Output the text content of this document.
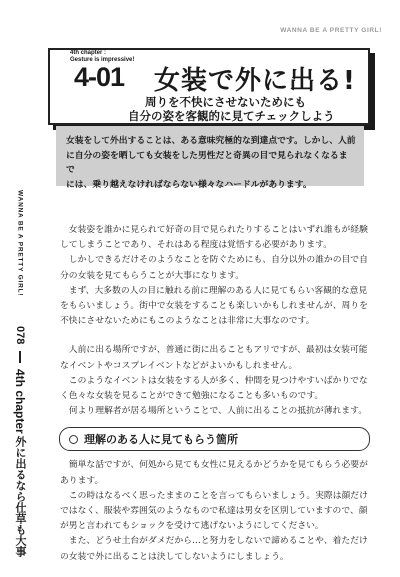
WANNA BE A PRETTY GIRL!
4th chapter :
Gesture is impressive!
4-01 女装で外に出る!
周りを不快にさせないためにも
自分の姿を客観的に見てチェックしよう
女装をして外出することは、ある意味究極的な到達点です。しかし、人前
に自分の姿を晒しても女装をした男性だと奇異の目で見られなくなるまで
には、乗り越えなければならない様々なハードルがあります。
WANNA BE A PRETTY GIRL!
078
4th chapter
外に出るなら仕草も大事

女装姿を誰かに見られて好奇の目で見られたりすることはいずれ誰もが経験
してしまうことであり、それはある程度は覚悟する必要があります。

しかしできるだけそのようなことを防ぐためにも、自分以外の誰かの目で自
分の女装を見てもらうことが大事になります。

まず、大多数の人の目に触れる前に理解のある人に見てもらい客観的な意見
をもらいましょう。街中で女装をすることも楽しいかもしれませんが、周りを
不快にさせないためにもこのようなことは非常に大事なのです。

人前に出る場所ですが、普通に街に出ることもアリですが、最初は女装可能
なイベントやコスプレイベントなどがよいかもしれません。

このようなイベントは女装をする人が多く、仲間を見つけやすいばかりでな
く色々な女装を見ることができて勉強になることも多いものです。

何より理解者が居る場所ということで、人前に出ることの抵抗が薄れます。

理解のある人に見てもらう箇所

簡単な話ですが、何処から見ても女性に見えるかどうかを見てもらう必要が
あります。

この時はなるべく思ったままのことを言ってもらいましょう。実際は顔だけ
ではなく、服装や雰囲気のようなもので私達は男女を区別していますので、顔
が男と言われてもショックを受けて逃げないようにしてください。

また、どうせ土台がダメだから…と努力をしないで諦めることや、着ただけ
の女装で外に出ることは決してしないようにしましょう。
